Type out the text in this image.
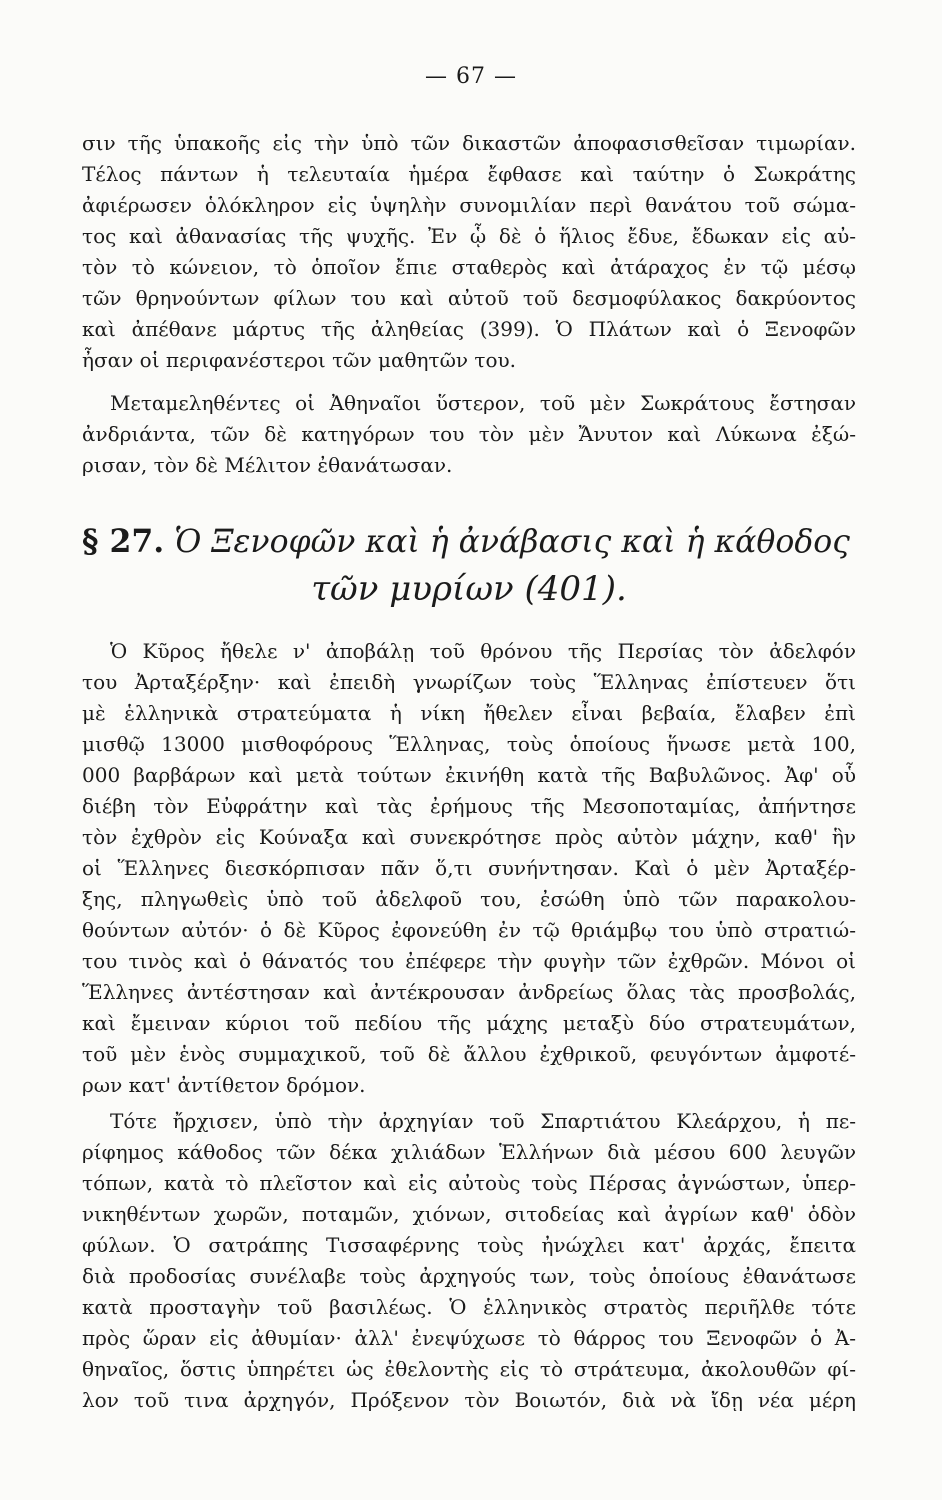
— 67 —
σιν τῆς ὑπακοῆς εἰς τὴν ὑπὸ τῶν δικαστῶν ἀποφασισθεῖσαν τιμωρίαν.
Τέλος πάντων ἡ τελευταία ἡμέρα ἔφθασε καὶ ταύτην ὁ Σωκράτης
ἀφιέρωσεν ὁλόκληρον εἰς ὑψηλὴν συνομιλίαν περὶ θανάτου τοῦ σώμα-
τος καὶ ἀθανασίας τῆς ψυχῆς. Ἐν ᾧ δὲ ὁ ἥλιος ἔδυε, ἔδωκαν εἰς αὐ-
τὸν τὸ κώνειον, τὸ ὁποῖον ἔπιε σταθερὸς καὶ ἀτάραχος ἐν τῷ μέσῳ
τῶν θρηνούντων φίλων του καὶ αὐτοῦ τοῦ δεσμοφύλακος δακρύοντος
καὶ ἀπέθανε μάρτυς τῆς ἀληθείας (399). Ὁ Πλάτων καὶ ὁ Ξενοφῶν
ἦσαν οἱ περιφανέστεροι τῶν μαθητῶν του.
Μεταμεληθέντες οἱ Ἀθηναῖοι ὕστερον, τοῦ μὲν Σωκράτους ἔστησαν
ἀνδριάντα, τῶν δὲ κατηγόρων του τὸν μὲν Ἄνυτον καὶ Λύκωνα ἐξώ-
ρισαν, τὸν δὲ Μέλιτον ἐθανάτωσαν.
§ 27. Ὁ Ξενοφῶν καὶ ἡ ἀνάβασις καὶ ἡ κάθοδος
τῶν μυρίων (401).
Ὁ Κῦρος ἤθελε ν' ἀποβάλῃ τοῦ θρόνου τῆς Περσίας τὸν ἀδελφόν
του Ἀρταξέρξην· καὶ ἐπειδὴ γνωρίζων τοὺς Ἕλληνας ἐπίστευεν ὅτι
μὲ ἑλληνικὰ στρατεύματα ἡ νίκη ἤθελεν εἶναι βεβαία, ἔλαβεν ἐπὶ
μισθῷ 13000 μισθοφόρους Ἕλληνας, τοὺς ὁποίους ἥνωσε μετὰ 100,
000 βαρβάρων καὶ μετὰ τούτων ἐκινήθη κατὰ τῆς Βαβυλῶνος. Ἀφ' οὗ
διέβη τὸν Εὐφράτην καὶ τὰς ἐρήμους τῆς Μεσοποταμίας, ἀπήντησε
τὸν ἐχθρὸν εἰς Κούναξα καὶ συνεκρότησε πρὸς αὐτὸν μάχην, καθ' ἣν
οἱ Ἕλληνες διεσκόρπισαν πᾶν ὅ,τι συνήντησαν. Καὶ ὁ μὲν Ἀρταξέρ-
ξης, πληγωθεὶς ὑπὸ τοῦ ἀδελφοῦ του, ἐσώθη ὑπὸ τῶν παρακολου-
θούντων αὐτόν· ὁ δὲ Κῦρος ἐφονεύθη ἐν τῷ θριάμβῳ του ὑπὸ στρατιώ-
του τινὸς καὶ ὁ θάνατός του ἐπέφερε τὴν φυγὴν τῶν ἐχθρῶν. Μόνοι οἱ
Ἕλληνες ἀντέστησαν καὶ ἀντέκρουσαν ἀνδρείως ὅλας τὰς προσβολάς,
καὶ ἔμειναν κύριοι τοῦ πεδίου τῆς μάχης μεταξὺ δύο στρατευμάτων,
τοῦ μὲν ἑνὸς συμμαχικοῦ, τοῦ δὲ ἄλλου ἐχθρικοῦ, φευγόντων ἀμφοτέ-
ρων κατ' ἀντίθετον δρόμον.
Τότε ἤρχισεν, ὑπὸ τὴν ἀρχηγίαν τοῦ Σπαρτιάτου Κλεάρχου, ἡ πε-
ρίφημος κάθοδος τῶν δέκα χιλιάδων Ἑλλήνων διὰ μέσου 600 λευγῶν
τόπων, κατὰ τὸ πλεῖστον καὶ εἰς αὐτοὺς τοὺς Πέρσας ἀγνώστων, ὑπερ-
νικηθέντων χωρῶν, ποταμῶν, χιόνων, σιτοδείας καὶ ἀγρίων καθ' ὁδὸν
φύλων. Ὁ σατράπης Τισσαφέρνης τοὺς ἠνώχλει κατ' ἀρχάς, ἔπειτα
διὰ προδοσίας συνέλαβε τοὺς ἀρχηγούς των, τοὺς ὁποίους ἐθανάτωσε
κατὰ προσταγὴν τοῦ βασιλέως. Ὁ ἑλληνικὸς στρατὸς περιῆλθε τότε
πρὸς ὥραν εἰς ἀθυμίαν· ἀλλ' ἐνεψύχωσε τὸ θάρρος του Ξενοφῶν ὁ Ἀ-
θηναῖος, ὅστις ὑπηρέτει ὡς ἐθελοντὴς εἰς τὸ στράτευμα, ἀκολουθῶν φί-
λον τοῦ τινα ἀρχηγόν, Πρόξενον τὸν Βοιωτόν, διὰ νὰ ἴδῃ νέα μέρη
